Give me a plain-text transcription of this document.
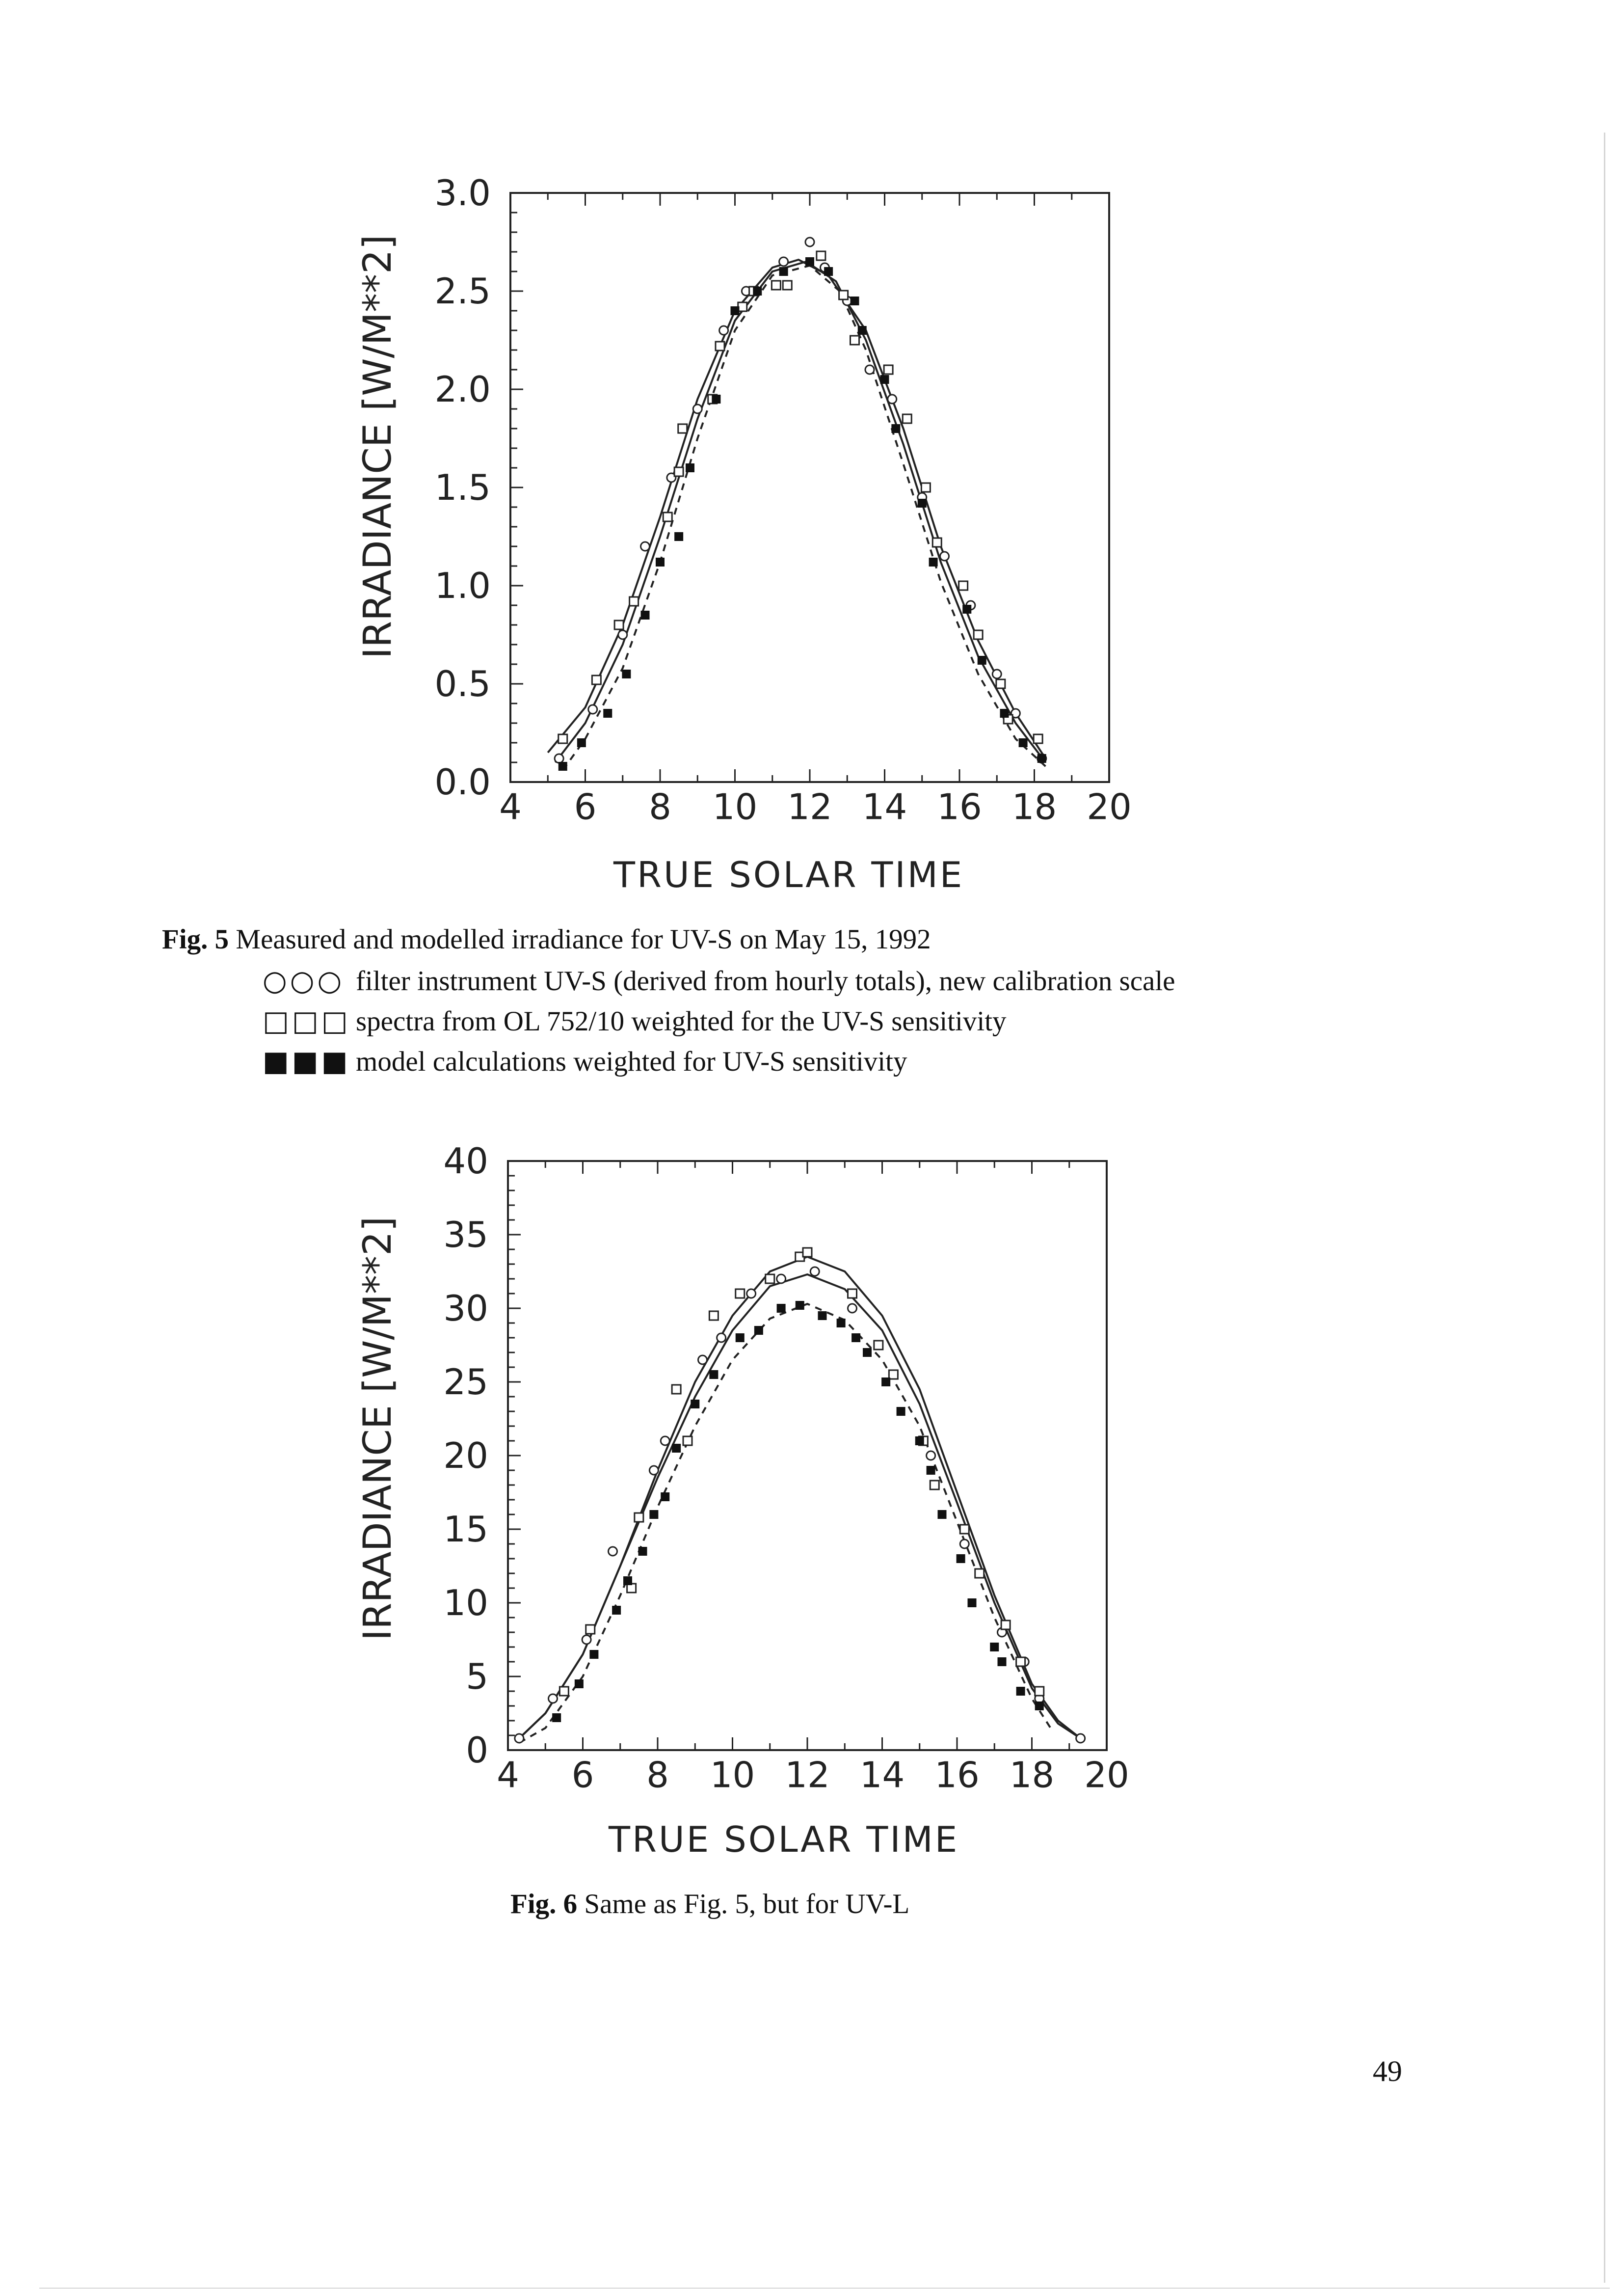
IRRADIANCE [W/M**2]
4 6 8 10 12 14 16 18 20
0.0
0.5
1.0
1.5
2.0
2.5
3.0
TRUE SOLAR TIME
Fig. 5 Measured and modelled irradiance for UV-S on May 15, 1992
○○○ filter instrument UV-S (derived from hourly totals), new calibration scale
□□□ spectra from OL 752/10 weighted for the UV-S sensitivity
■■■ model calculations weighted for UV-S sensitivity
IRRADIANCE [W/M**2]
4 6 8 10 12 14 16 18 20
0
5
10
15
20
25
30
35
40
TRUE SOLAR TIME
Fig. 6 Same as Fig. 5, but for UV-L
49
